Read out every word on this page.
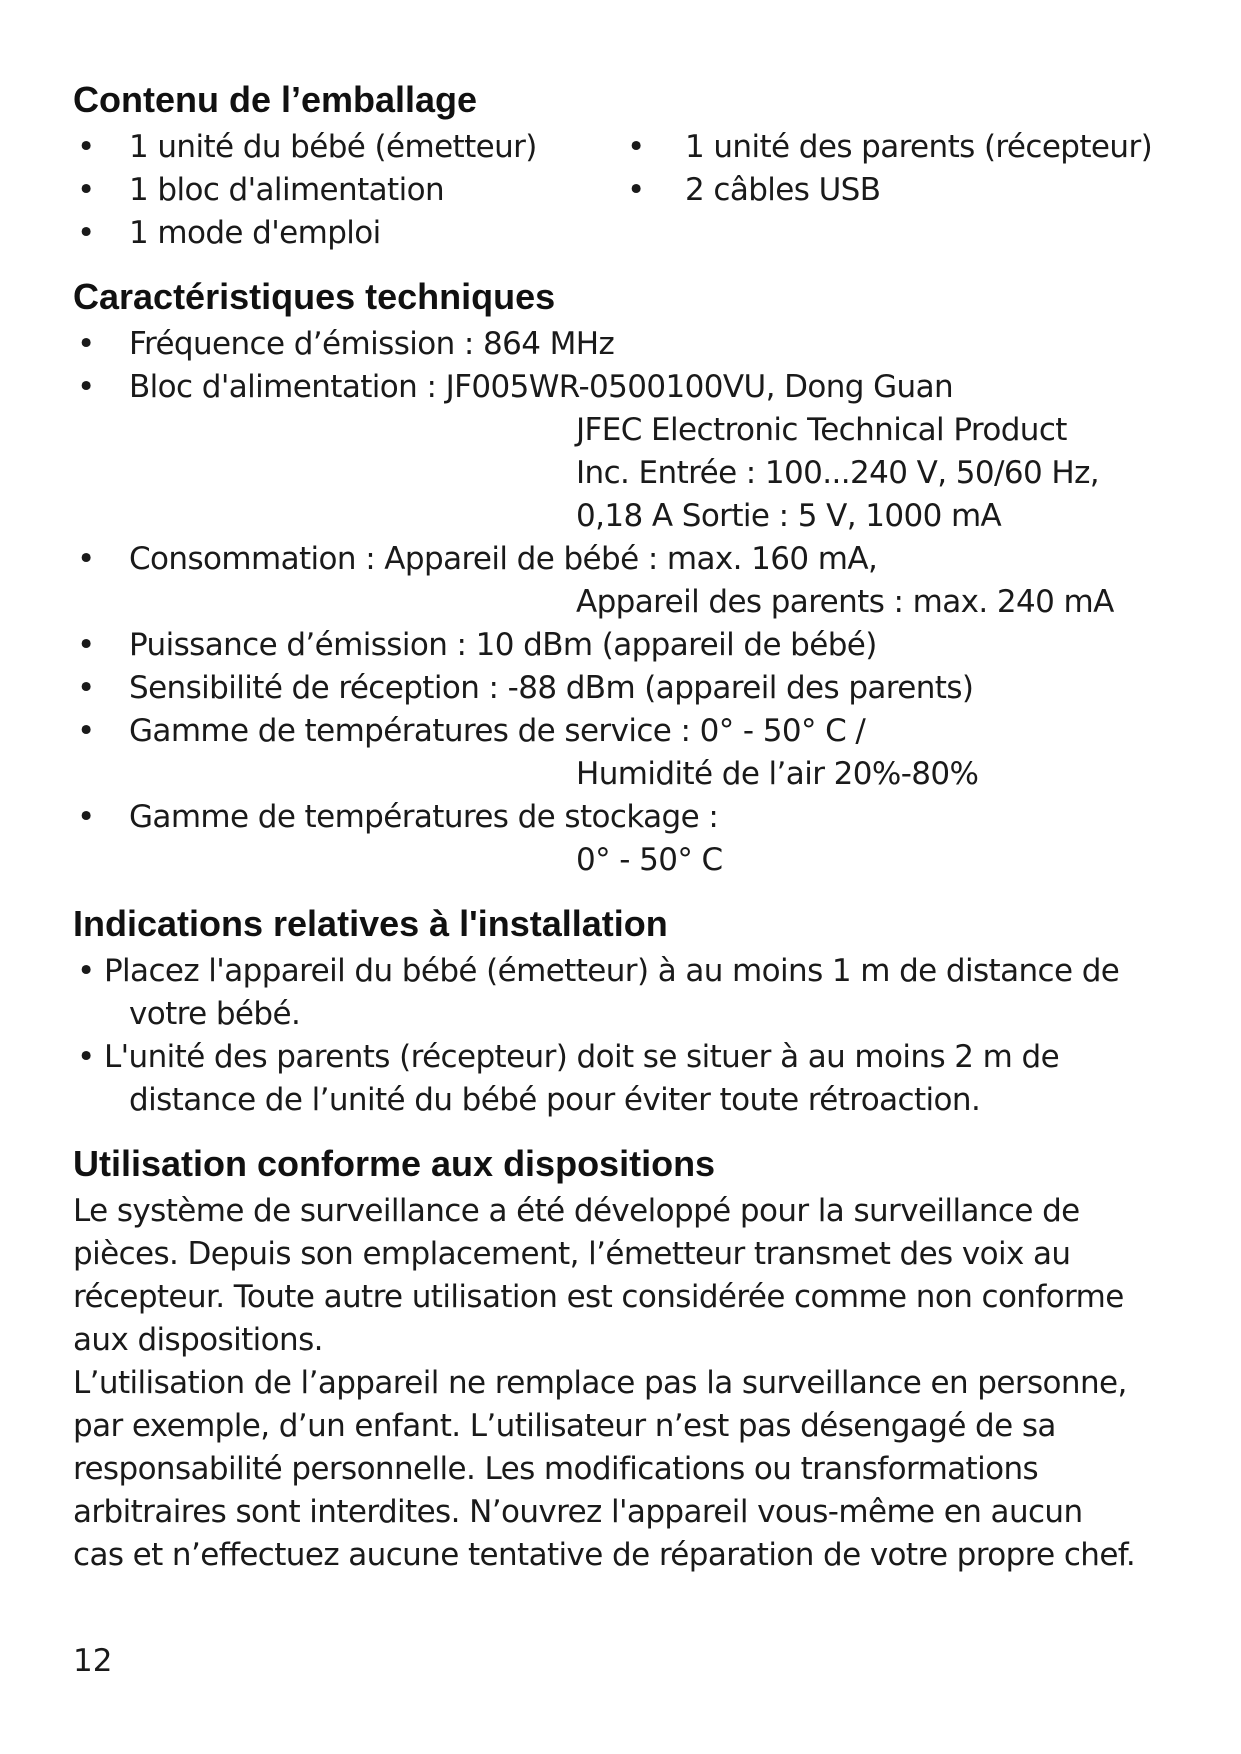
Contenu de l’emballage
• 1 unité du bébé (émetteur)	• 1 unité des parents (récepteur)
• 1 bloc d'alimentation	• 2 câbles USB
• 1 mode d'emploi
Caractéristiques techniques
• Fréquence d’émission : 864 MHz
• Bloc d'alimentation : JF005WR-0500100VU, Dong Guan
JFEC Electronic Technical Product
Inc. Entrée : 100...240 V, 50/60 Hz,
0,18 A Sortie : 5 V, 1000 mA
• Consommation : Appareil de bébé : max. 160 mA,
Appareil des parents : max. 240 mA
• Puissance d’émission : 10 dBm (appareil de bébé)
• Sensibilité de réception : -88 dBm (appareil des parents)
• Gamme de températures de service : 0° - 50° C /
Humidité de l’air 20%-80%
• Gamme de températures de stockage :
0° - 50° C
Indications relatives à l'installation
• Placez l'appareil du bébé (émetteur) à au moins 1 m de distance de
votre bébé.
• L'unité des parents (récepteur) doit se situer à au moins 2 m de
distance de l’unité du bébé pour éviter toute rétroaction.
Utilisation conforme aux dispositions
Le système de surveillance a été développé pour la surveillance de
pièces. Depuis son emplacement, l’émetteur transmet des voix au
récepteur. Toute autre utilisation est considérée comme non conforme
aux dispositions.
L’utilisation de l’appareil ne remplace pas la surveillance en personne,
par exemple, d’un enfant. L’utilisateur n’est pas désengagé de sa
responsabilité personnelle. Les modifications ou transformations
arbitraires sont interdites. N’ouvrez l'appareil vous-même en aucun
cas et n’effectuez aucune tentative de réparation de votre propre chef.
12
